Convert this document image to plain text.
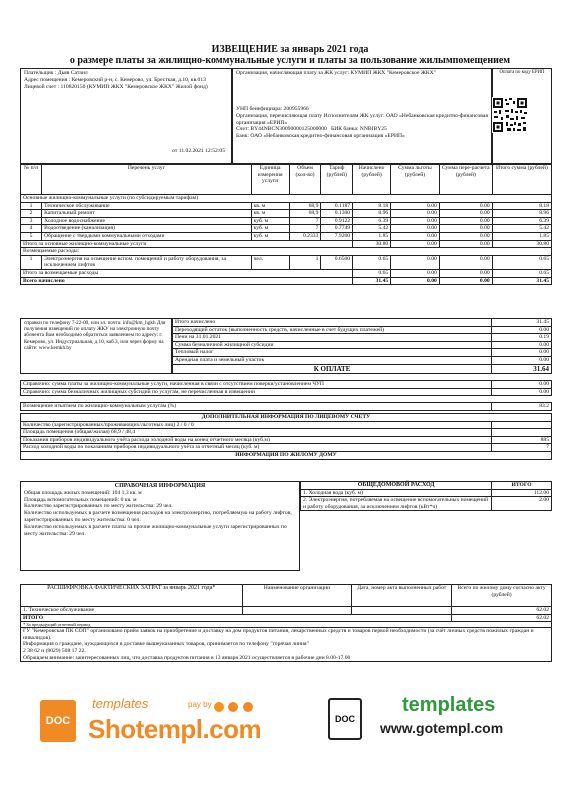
ИЗВЕЩЕНИЕ за январь 2021 года
о размере платы за жилищно-коммунальные услуги и платы за пользование жилымпомещением
Плательщик : Дьяв Сатаил
Адрес помещения : Кемеровский р-н, с. Кемерово, ул. Бресткая, д.10, кв.013
Лицевой счет : 110820150 (КУМИП ЖКХ "Кемеровское ЖКХ" Жилой фонд)
от 11.02.2021 12:52:05
Организация, начисляющая плату за ЖК услуг: КУМИП ЖКХ "Кемеровское ЖКХ"
УНП бенефициара: 200955966
Организация, перечисляющая плату Исполнителям ЖК услуг: ОАО «Небанковская кредитно-финансовая организация «ЕРИП»
Счет: BY44NBCN30090000125000000 БИК банка: NNBIBY25
Банк: ОАО «Небанковская кредитно-финансовая организация «ЕРИП»
Оплата по коду ЕРИП
№ п/п	Перечень услуг	Единица измерения услуги	Объем (кол-во)	Тариф (рублей)	Начислено (рублей)	Сумма льготы (рублей)	Сумма пере-расчета (рублей)	Итого сумма (рублей)
Основные жилищно-коммунальные услуги (по субсидируемым тарифам)								
1	Техническое обслуживание	кв. м	68,9	0.1187	8.18	0.00	0.00	8.18
2	Капитальный ремонт	кв. м	68,9	0.1300	8.96	0.00	0.00	8.96
3	Холодное водоснабжение	куб. м	7	0.9122	6.39	0.00	0.00	6.39
4	Водоотведение (канализация)	куб. м	7	0.7749	5.42	0.00	0.00	5.42
5	Обращение с твердыми коммунальными отходами	куб. м	0.2333	7.9200	1.85	0.00	0.00	1.85
Итого за основные жилищно-коммунальные услуги					30.80	0.00	0.00	30.80
Возмещаемые расходы:								
1	Электроэнергия на освещение вспом. помещений и работу оборудования, за исключением лифтов	чел.	1	0.6500	0.65	0.00	0.00	0.65
Итого за возмещаемые расходы					0.65	0.00	0.00	0.65
Всего начислено					31.45	0.00	0.00	31.45
справки по телефону 7-22-00, или эл. почта: info@km_hgkh Для получения извещений по оплату ЖКУ на электронную почту абонента Вам необходимо обратиться заявлением по адресу: г. Кемерово, ул. Индустриальная, д.10, каб.3, или через форму на сайте: www.kemkh.by
Итого начислено	31.45
Переходящий остаток (выполненность средств, начисленные в счет будущих платежей)	0.00
Пени на 31.01.2021	0.19
Сумма безналичной жилищной субсидии	0.00
Тепловый налог	0.00
Арендная плата и земельный участок	0.00
К ОПЛАТЕ	31.64
Справочно: сумма платы за жилищно-коммунальные услуги, начисленная в связи с отсутствием поверки/установлением ЧУП	0.00
Справочно: сумма безналичных жилищных субсидий по услугам, не перечисленная в извещении	0.00
Возмещение изъятием по жилищно-коммунальным услугам (%)	83.2
ДОПОЛНИТЕЛЬНАЯ ИНФОРМАЦИЯ ПО ЛИЦЕВОМУ СЧЕТУ	
Количество (зарегистрированных/проживающих/льготных лиц) 2 / 0 / 0	
Площадь помещения (общая/жилая) 68,9 / 48,4	
Показания приборов индивидуального учёта расхода холодной воды на конец отчетного месяца (куб.м)	885
Расход холодной воды по показаниям приборов индивидуального учёта за отчетный месяц (куб. м)	7
ИНФОРМАЦИЯ ПО ЖИЛОМУ ДОМУ	
СПРАВОЧНАЯ ИНФОРМАЦИЯ
Общая площадь жилых помещений: 104 1,3 кв. м
Площадь вспомогательных помещений: 0 кв. м
Количество зарегистрированных по месту жительства: 29 чел.
Количество используемых в расчете возмещения расходов на электроэнергию, потребляемую на работу лифтов, зарегистрированных по месту жительства: 0 чел.
Количество используемых в расчете платы за прочие жилищно-коммунальные услуги зарегистрированных по месту жительства: 29 чел.
ОБЩЕДОМОВОЙ РАСХОД	ИТОГО
1. Холодная вода (куб. м)	112.00
2. Электроэнергия, потребляемая на освещение вспомогательных помещений и работу оборудования, за исключением лифтов (кВт*ч)	2.00
РАСШИФРОВКА ФАКТИЧЕСКИХ ЗАТРАТ за январь 2021 года*	Наименование организации	Дата, номер акта выполненных работ	Всего по жилому дому согласно акту (рублей)
1. Техническое обслуживание			62.02
ИТОГО			62.02
* За предыдущий отчетный период			

ГУ "Кемеровская ПК СОП" организовано приём заявок на приобретение и доставку на дом продуктов питания, лекарственных средств и товаров первой необходимости (за счёт личных средств пожилых граждан и инвалидов).
Информация о граждане, нуждающихся в доставке вышеуказанных товаров, принимается по телефону "горячая линия"
2 38 62 и (8029) 508 17 22.
Обращаем внимание: заинтересованных лиц, что доставка продуктов питания в 13 января 2021 осуществляется в рабочие дни 8.00-17.00			
DOC
templates	pay by

Shotempl.com	DOC
templates
www.gotempl.com
